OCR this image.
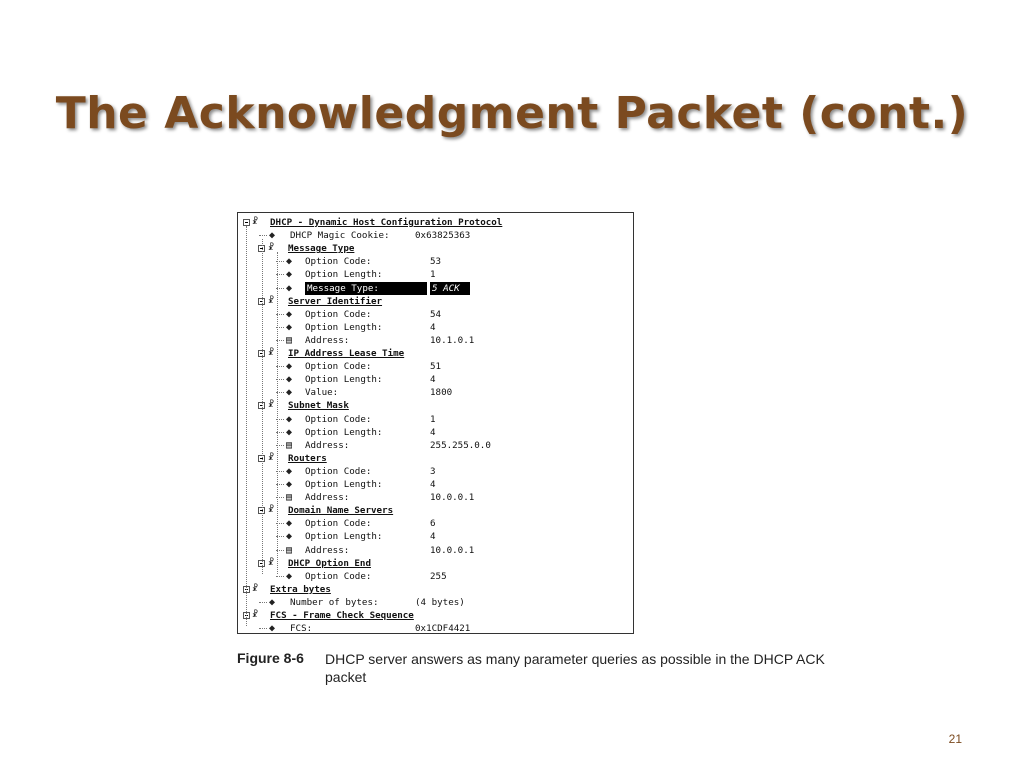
The Acknowledgment Packet (cont.)
☧ DHCP - Dynamic Host Configuration Protocol
◆ DHCP Magic Cookie:	0x63825363
☧ Message Type
◆ Option Code:	53
◆ Option Length:	1
◆ Message Type:	5 ACK
☧ Server Identifier
◆ Option Code:	54
◆ Option Length:	4
▤ Address:	10.1.0.1
☧ IP Address Lease Time
◆ Option Code:	51
◆ Option Length:	4
◆ Value:	1800
☧ Subnet Mask
◆ Option Code:	1
◆ Option Length:	4
▤ Address:	255.255.0.0
☧ Routers
◆ Option Code:	3
◆ Option Length:	4
▤ Address:	10.0.0.1
☧ Domain Name Servers
◆ Option Code:	6
◆ Option Length:	4
▤ Address:	10.0.0.1
☧ DHCP Option End
◆ Option Code:	255
☧ Extra bytes
◆ Number of bytes:	(4 bytes)
☧ FCS - Frame Check Sequence
◆ FCS:	0x1CDF4421
Figure 8-6 DHCP server answers as many parameter queries as possible in the DHCP ACK packet
21
